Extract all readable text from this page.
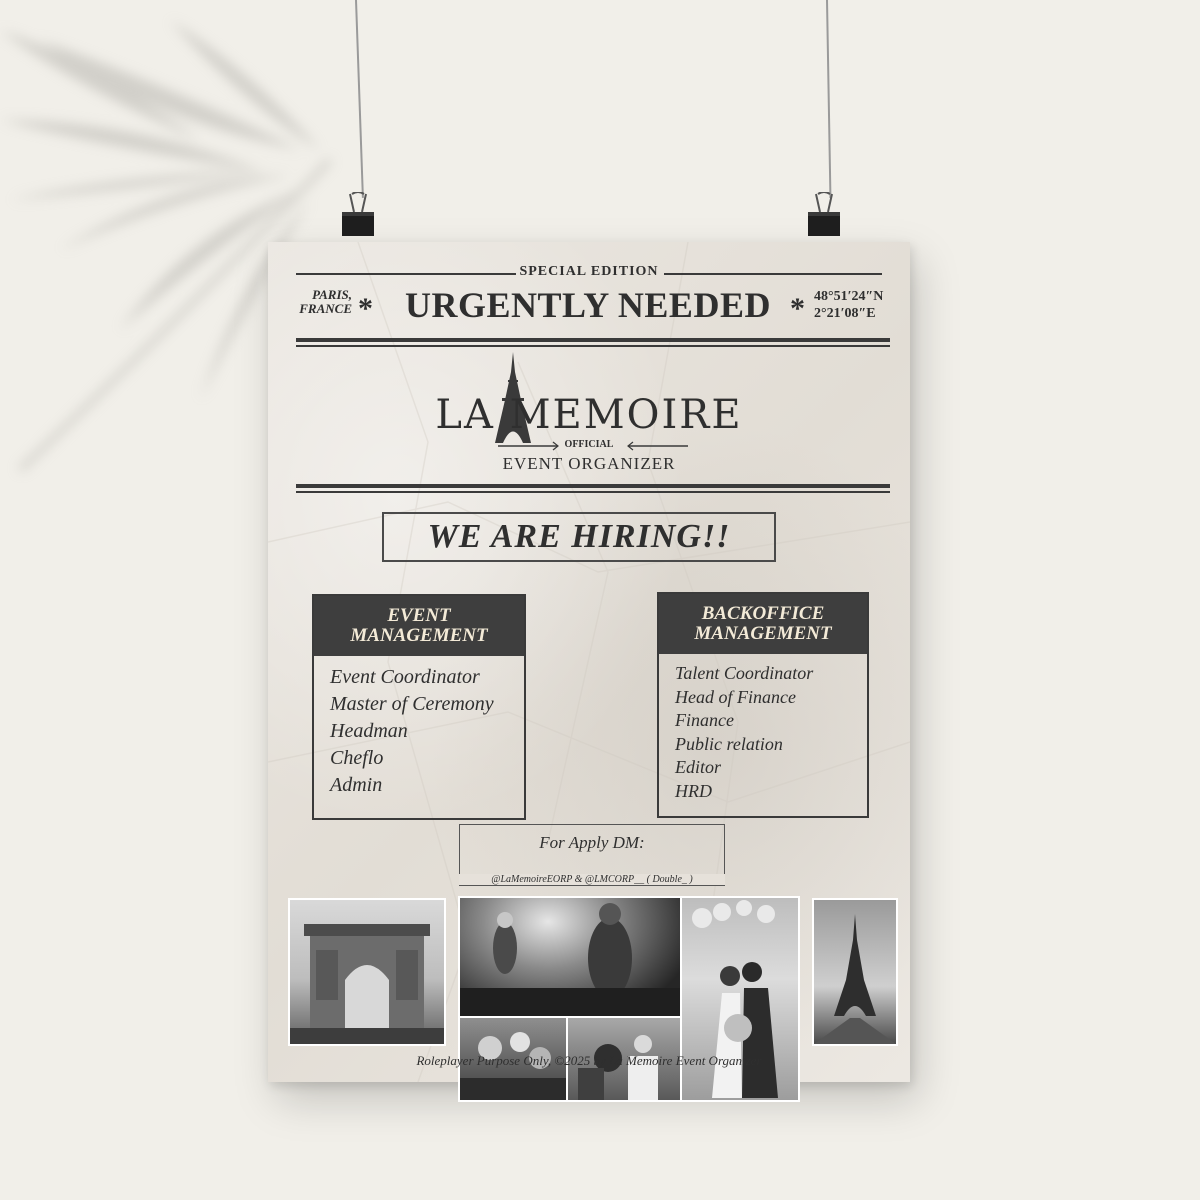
SPECIAL EDITION
PARIS,
FRANCE * URGENTLY NEEDED * 48°51′24″N
2°21′08″E
LA MEMOIRE
OFFICIAL
EVENT ORGANIZER
WE ARE HIRING!!
EVENT
MANAGEMENT
Event Coordinator
Master of Ceremony
Headman
Cheflo
Admin
BACKOFFICE
MANAGEMENT
Talent Coordinator
Head of Finance
Finance
Public relation
Editor
HRD
For Apply DM:
@LaMemoireEORP & @LMCORP__ ( Double_ )
Roleplayer Purpose Only, ©2025 by La Memoire Event Organizer
